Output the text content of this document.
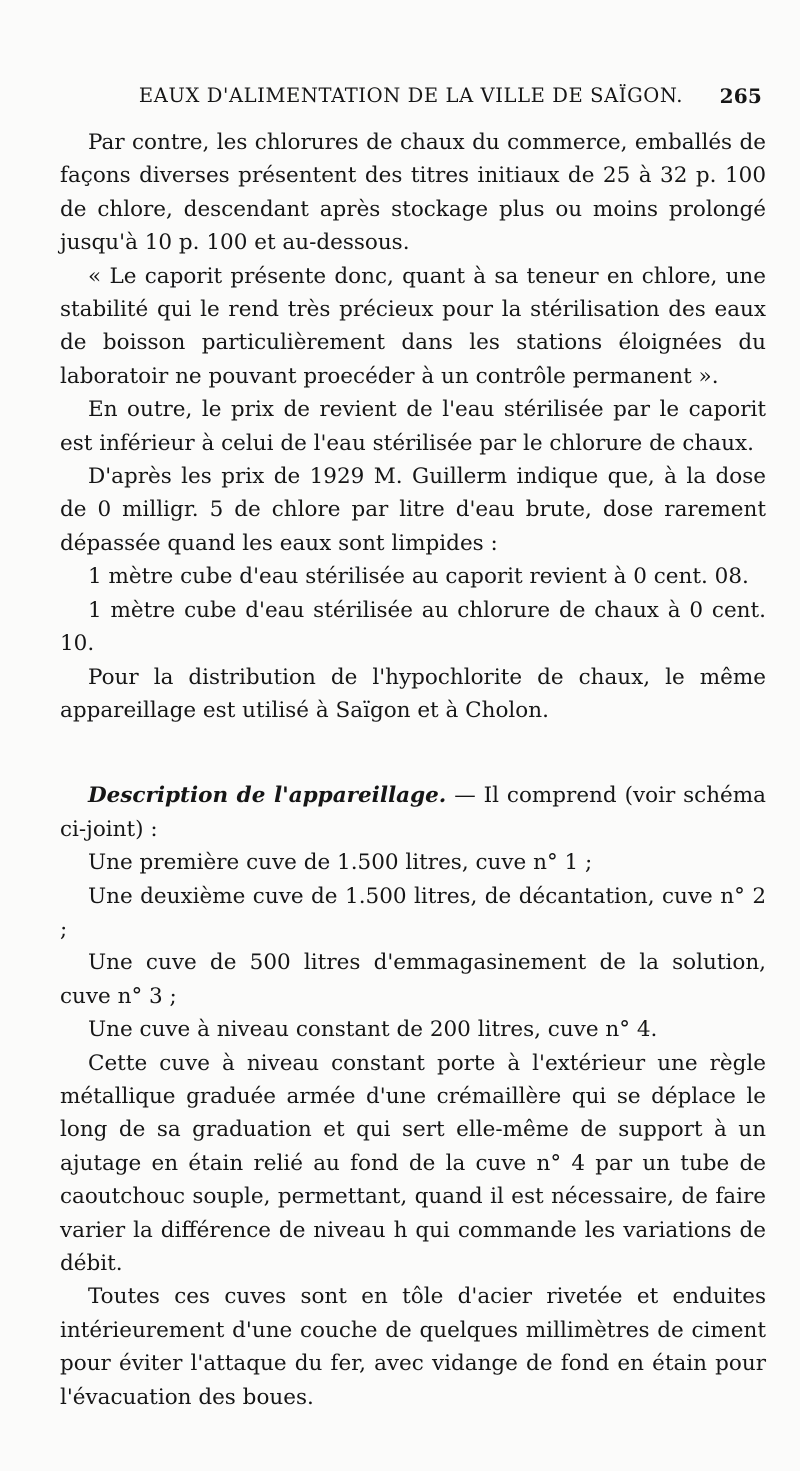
EAUX D'ALIMENTATION DE LA VILLE DE SAÏGON.	265

Par contre, les chlorures de chaux du commerce, emballés de façons diverses présentent des titres initiaux de 25 à 32 p. 100 de chlore, descendant après stockage plus ou moins prolongé jusqu'à 10 p. 100 et au-dessous.

« Le caporit présente donc, quant à sa teneur en chlore, une stabilité qui le rend très précieux pour la stérilisation des eaux de boisson particulièrement dans les stations éloignées du laboratoir ne pouvant proecéder à un contrôle permanent ».

En outre, le prix de revient de l'eau stérilisée par le caporit est inférieur à celui de l'eau stérilisée par le chlorure de chaux.

D'après les prix de 1929 M. Guillerm indique que, à la dose de 0 milligr. 5 de chlore par litre d'eau brute, dose rarement dépassée quand les eaux sont limpides :

1 mètre cube d'eau stérilisée au caporit revient à 0 cent. 08.

1 mètre cube d'eau stérilisée au chlorure de chaux à 0 cent. 10.

Pour la distribution de l'hypochlorite de chaux, le même appareillage est utilisé à Saïgon et à Cholon.

Description de l'appareillage. — Il comprend (voir schéma ci-joint) :

Une première cuve de 1.500 litres, cuve n° 1 ;

Une deuxième cuve de 1.500 litres, de décantation, cuve n° 2 ;

Une cuve de 500 litres d'emmagasinement de la solution, cuve n° 3 ;

Une cuve à niveau constant de 200 litres, cuve n° 4.

Cette cuve à niveau constant porte à l'extérieur une règle métallique graduée armée d'une crémaillère qui se déplace le long de sa graduation et qui sert elle-même de support à un ajutage en étain relié au fond de la cuve n° 4 par un tube de caoutchouc souple, permettant, quand il est nécessaire, de faire varier la différence de niveau h qui commande les variations de débit.

Toutes ces cuves sont en tôle d'acier rivetée et enduites intérieurement d'une couche de quelques millimètres de ciment pour éviter l'attaque du fer, avec vidange de fond en étain pour l'évacuation des boues.
